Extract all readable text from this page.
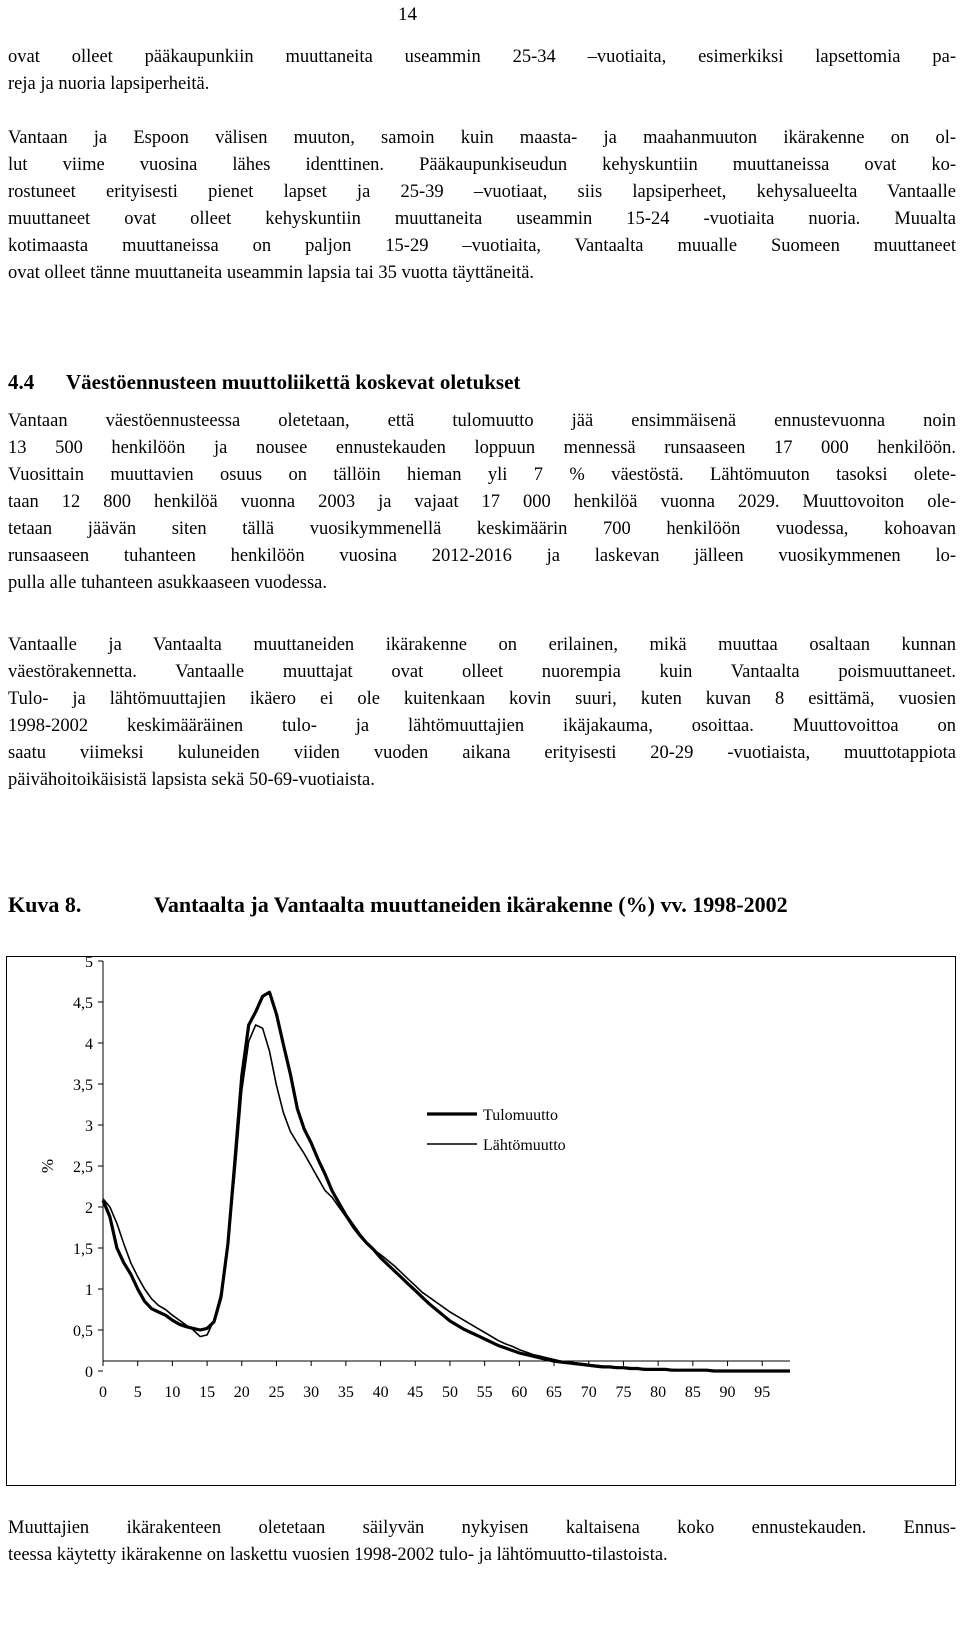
14

ovat olleet pääkaupunkiin muuttaneita useammin 25-34 –vuotiaita, esimerkiksi lapsettomia pa-
reja ja nuoria lapsiperheitä.

Vantaan ja Espoon välisen muuton, samoin kuin maasta- ja maahanmuuton ikärakenne on ol-
lut viime vuosina lähes identtinen. Pääkaupunkiseudun kehyskuntiin muuttaneissa ovat ko-
rostuneet erityisesti pienet lapset ja 25-39 –vuotiaat, siis lapsiperheet, kehysalueelta Vantaalle
muuttaneet ovat olleet kehyskuntiin muuttaneita useammin 15-24 -vuotiaita nuoria. Muualta
kotimaasta muuttaneissa on paljon 15-29 –vuotiaita, Vantaalta muualle Suomeen muuttaneet
ovat olleet tänne muuttaneita useammin lapsia tai 35 vuotta täyttäneitä.

4.4 Väestöennusteen muuttoliikettä koskevat oletukset

Vantaan väestöennusteessa oletetaan, että tulomuutto jää ensimmäisenä ennustevuonna noin
13 500 henkilöön ja nousee ennustekauden loppuun mennessä runsaaseen 17 000 henkilöön.
Vuosittain muuttavien osuus on tällöin hieman yli 7 % väestöstä. Lähtömuuton tasoksi olete-
taan 12 800 henkilöä vuonna 2003 ja vajaat 17 000 henkilöä vuonna 2029. Muuttovoiton ole-
tetaan jäävän siten tällä vuosikymmenellä keskimäärin 700 henkilöön vuodessa, kohoavan
runsaaseen tuhanteen henkilöön vuosina 2012-2016 ja laskevan jälleen vuosikymmenen lo-
pulla alle tuhanteen asukkaaseen vuodessa.

Vantaalle ja Vantaalta muuttaneiden ikärakenne on erilainen, mikä muuttaa osaltaan kunnan
väestörakennetta. Vantaalle muuttajat ovat olleet nuorempia kuin Vantaalta poismuuttaneet.
Tulo- ja lähtömuuttajien ikäero ei ole kuitenkaan kovin suuri, kuten kuvan 8 esittämä, vuosien
1998-2002 keskimääräinen tulo- ja lähtömuuttajien ikäjakauma, osoittaa. Muuttovoittoa on
saatu viimeksi kuluneiden viiden vuoden aikana erityisesti 20-29 -vuotiaista, muuttotappiota
päivähoitoikäisistä lapsista sekä 50-69-vuotiaista.

Kuva 8.	Vantaalta ja Vantaalta muuttaneiden ikärakenne (%) vv. 1998-2002
0
0,5
1
1,5
2
2,5
3
3,5
4
4,5
5
0 5 10 15 20 25 30 35 40 45 50 55 60 65 70 75 80 85 90 95
%
Tulomuutto
Lähtömuutto

Muuttajien ikärakenteen oletetaan säilyvän nykyisen kaltaisena koko ennustekauden. Ennus-
teessa käytetty ikärakenne on laskettu vuosien 1998-2002 tulo- ja lähtömuutto-tilastoista.
